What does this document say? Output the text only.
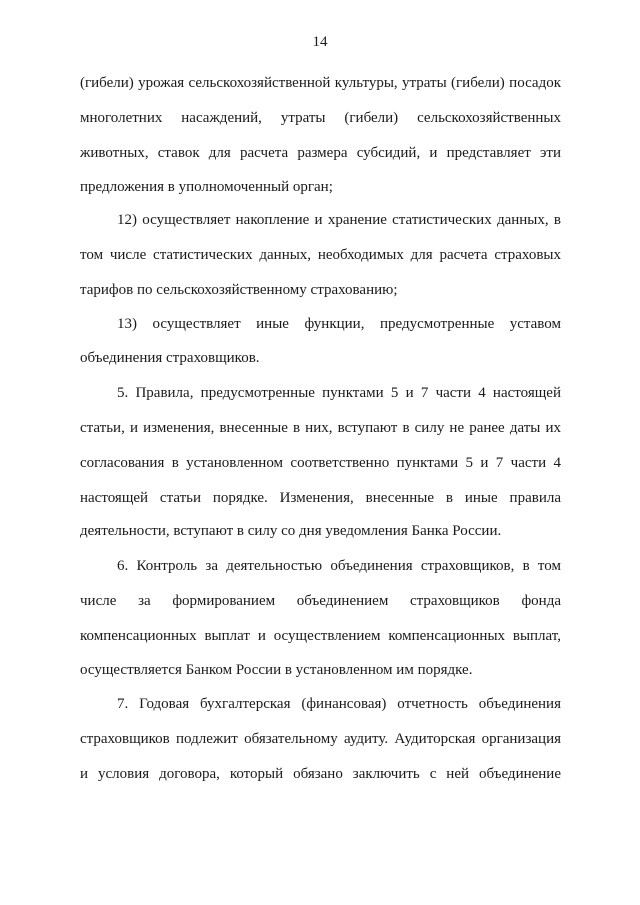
14
(гибели) урожая сельскохозяйственной культуры, утраты (гибели) посадок
многолетних насаждений, утраты (гибели) сельскохозяйственных
животных, ставок для расчета размера субсидий, и представляет эти
предложения в уполномоченный орган;
12) осуществляет накопление и хранение статистических данных, в
том числе статистических данных, необходимых для расчета страховых
тарифов по сельскохозяйственному страхованию;
13) осуществляет иные функции, предусмотренные уставом
объединения страховщиков.
5. Правила, предусмотренные пунктами 5 и 7 части 4 настоящей
статьи, и изменения, внесенные в них, вступают в силу не ранее даты их
согласования в установленном соответственно пунктами 5 и 7 части 4
настоящей статьи порядке. Изменения, внесенные в иные правила
деятельности, вступают в силу со дня уведомления Банка России.
6. Контроль за деятельностью объединения страховщиков, в том
числе за формированием объединением страховщиков фонда
компенсационных выплат и осуществлением компенсационных выплат,
осуществляется Банком России в установленном им порядке.
7. Годовая бухгалтерская (финансовая) отчетность объединения
страховщиков подлежит обязательному аудиту. Аудиторская организация
и условия договора, который обязано заключить с ней объединение
